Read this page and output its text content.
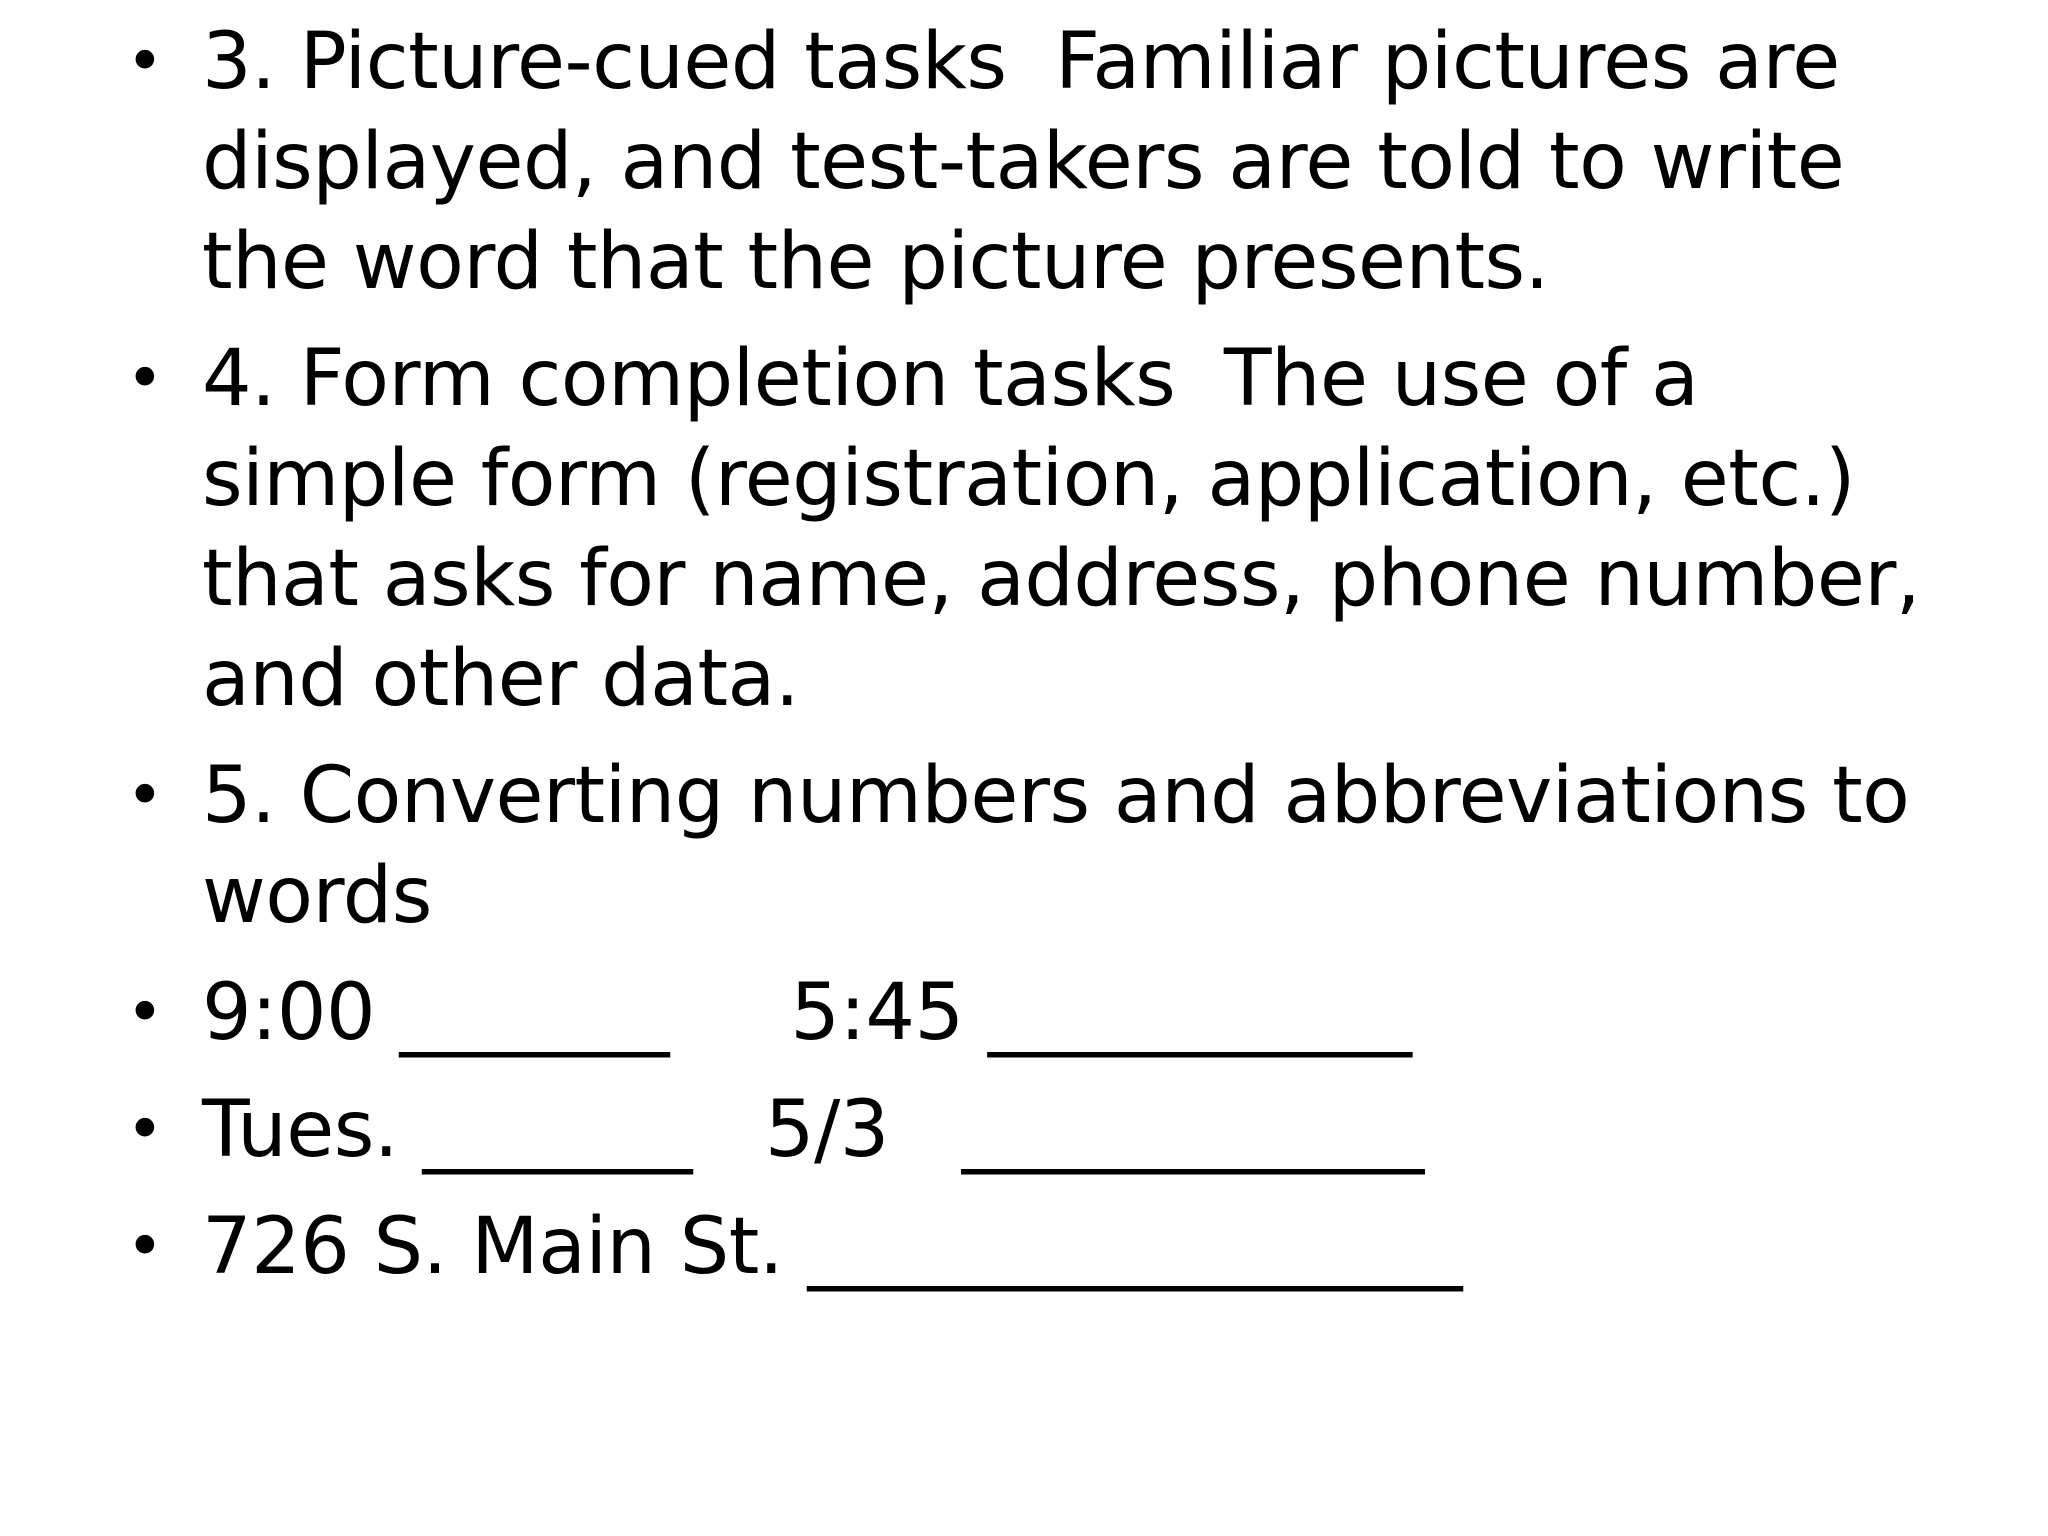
• 3. Picture-cued tasks  Familiar pictures are displayed, and test-takers are told to write the word that the picture presents.
• 4. Form completion tasks  The use of a simple form (registration, application, etc.) that asks for name, address, phone number, and other data.
• 5. Converting numbers and abbreviations to words
• 9:00 _______     5:45 ___________
• Tues. _______   5/3   ____________
• 726 S. Main St. _________________
